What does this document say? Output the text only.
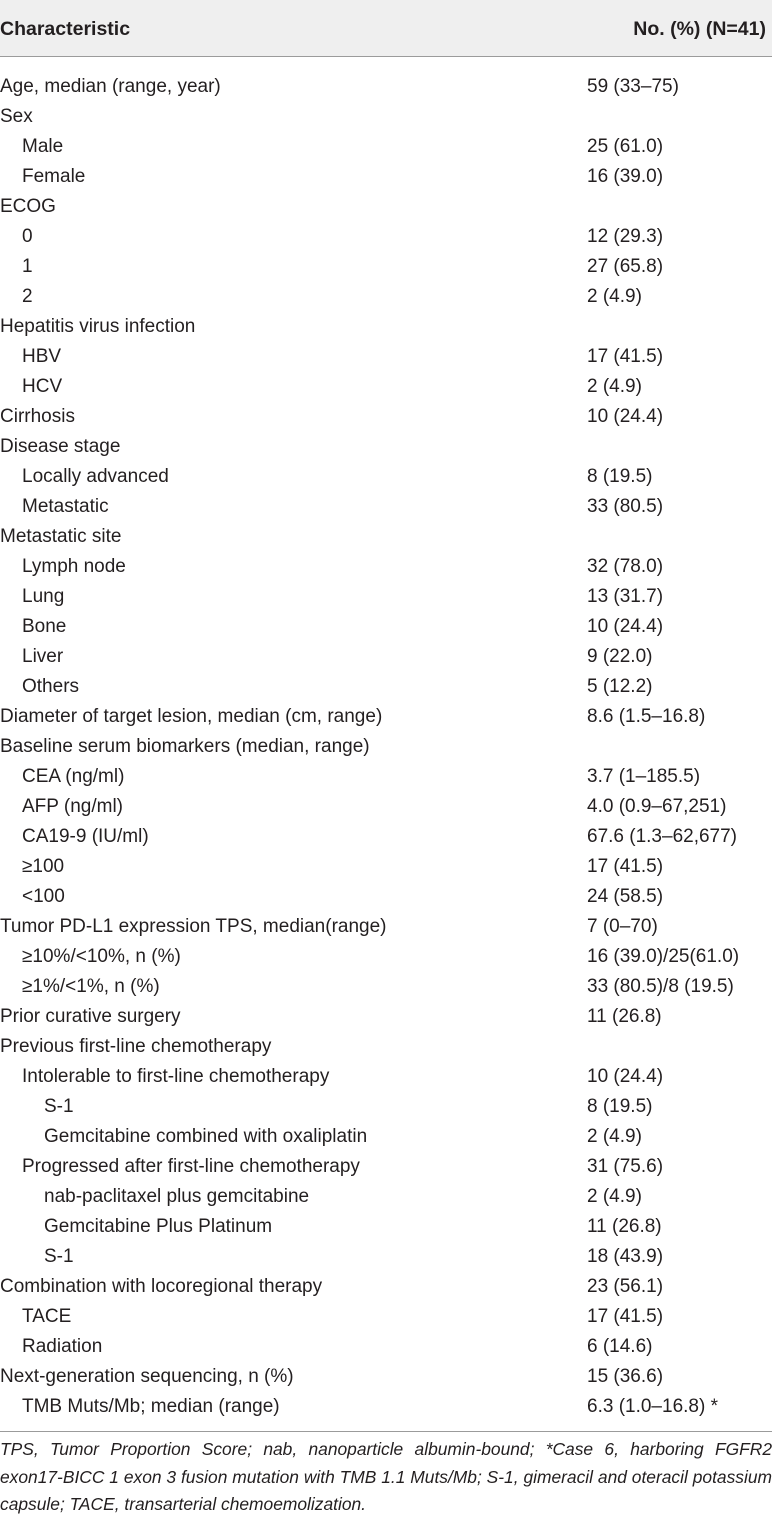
Characteristic	No. (%) (N=41)
Age, median (range, year)	59 (33–75)
Sex
Male	25 (61.0)
Female	16 (39.0)
ECOG
0	12 (29.3)
1	27 (65.8)
2	2 (4.9)
Hepatitis virus infection
HBV	17 (41.5)
HCV	2 (4.9)
Cirrhosis	10 (24.4)
Disease stage
Locally advanced	8 (19.5)
Metastatic	33 (80.5)
Metastatic site
Lymph node	32 (78.0)
Lung	13 (31.7)
Bone	10 (24.4)
Liver	9 (22.0)
Others	5 (12.2)
Diameter of target lesion, median (cm, range)	8.6 (1.5–16.8)
Baseline serum biomarkers (median, range)
CEA (ng/ml)	3.7 (1–185.5)
AFP (ng/ml)	4.0 (0.9–67,251)
CA19-9 (IU/ml)	67.6 (1.3–62,677)
≥100	17 (41.5)
<100	24 (58.5)
Tumor PD-L1 expression TPS, median(range)	7 (0–70)
≥10%/<10%, n (%)	16 (39.0)/25(61.0)
≥1%/<1%, n (%)	33 (80.5)/8 (19.5)
Prior curative surgery	11 (26.8)
Previous first-line chemotherapy
Intolerable to first-line chemotherapy	10 (24.4)
S-1	8 (19.5)
Gemcitabine combined with oxaliplatin	2 (4.9)
Progressed after first-line chemotherapy	31 (75.6)
nab-paclitaxel plus gemcitabine	2 (4.9)
Gemcitabine Plus Platinum	11 (26.8)
S-1	18 (43.9)
Combination with locoregional therapy	23 (56.1)
TACE	17 (41.5)
Radiation	6 (14.6)
Next-generation sequencing, n (%)	15 (36.6)
TMB Muts/Mb; median (range)	6.3 (1.0–16.8) *
TPS, Tumor Proportion Score; nab, nanoparticle albumin-bound; *Case 6, harboring FGFR2 exon17-BICC 1 exon 3 fusion mutation with TMB 1.1 Muts/Mb; S-1, gimeracil and oteracil potassium capsule; TACE, transarterial chemoemolization.
